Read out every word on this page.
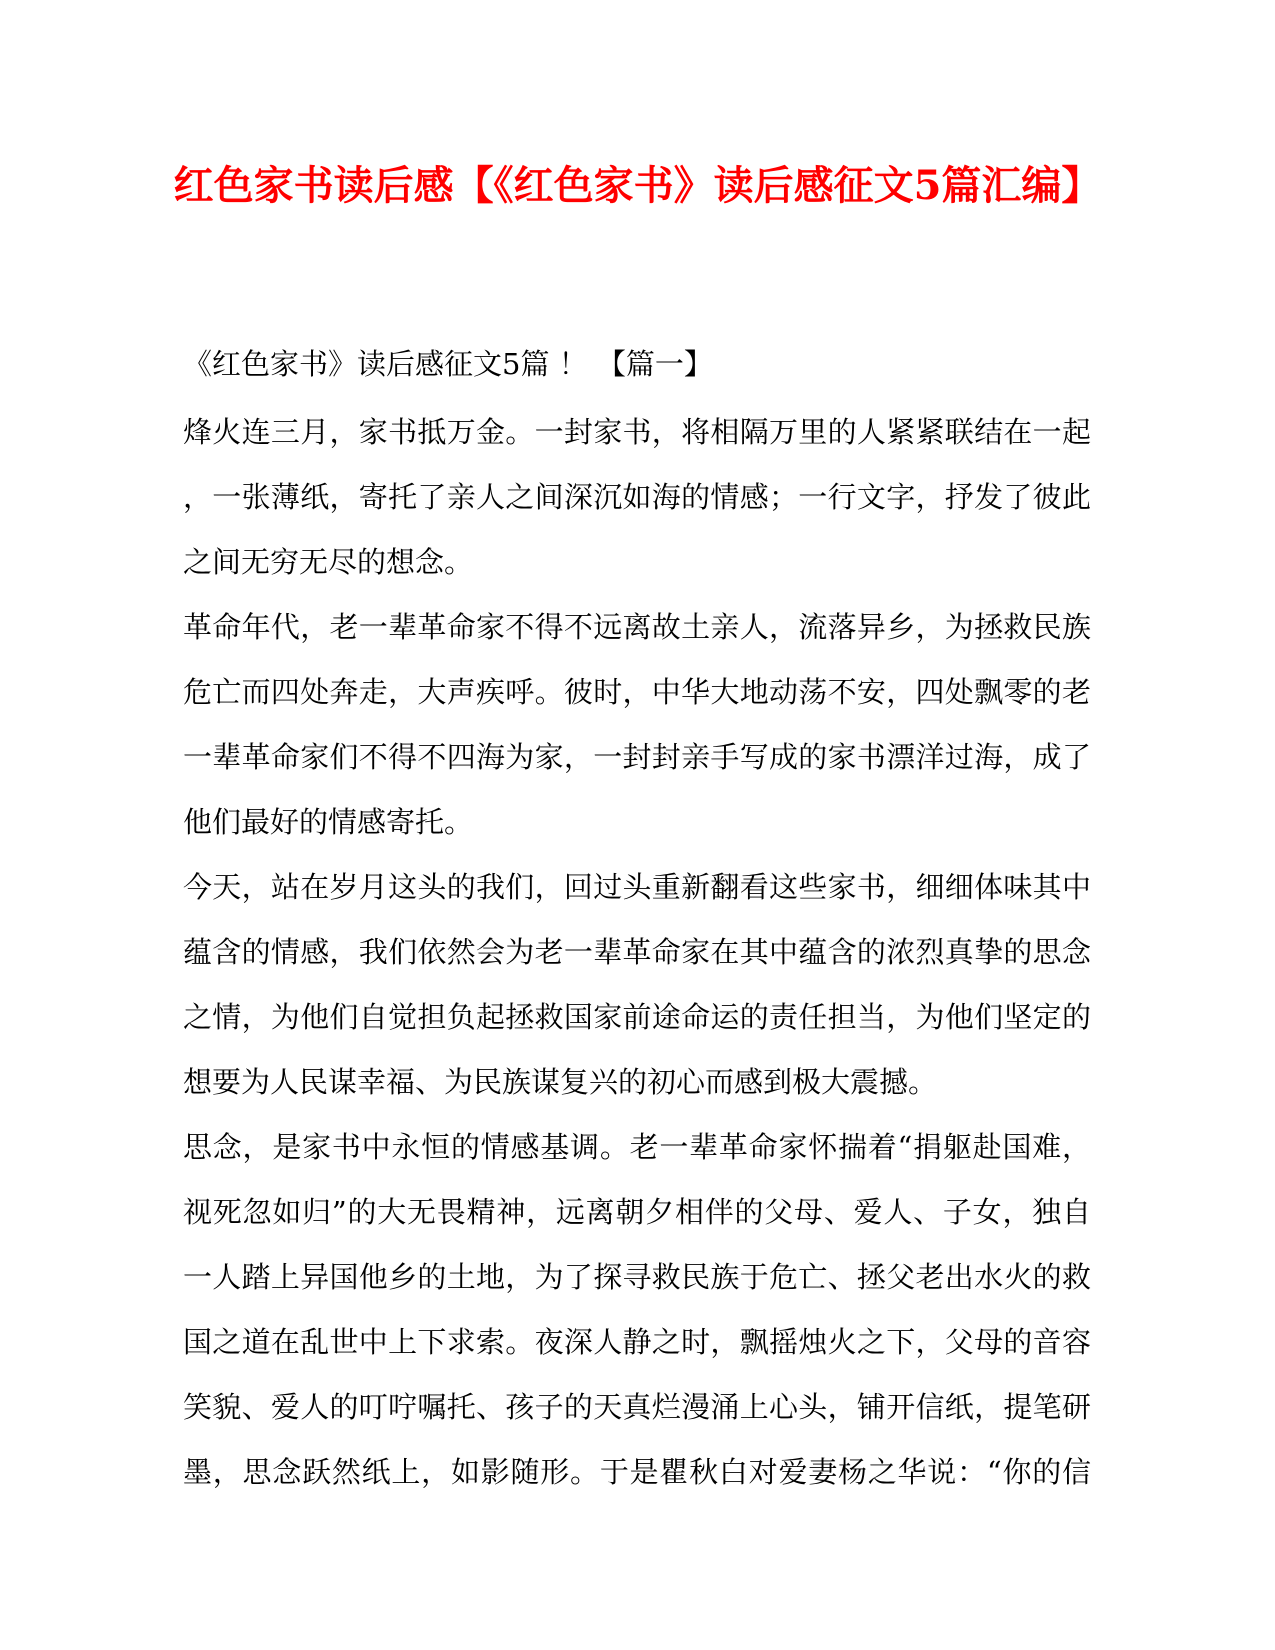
红色家书读后感【《红色家书》读后感征文5篇汇编】
《红色家书》读后感征文5篇 ！ 【篇一】
烽火连三月，家书抵万金。一封家书，将相隔万里的人紧紧联结在一起
，一张薄纸，寄托了亲人之间深沉如海的情感；一行文字，抒发了彼此
之间无穷无尽的想念。
革命年代，老一辈革命家不得不远离故土亲人，流落异乡，为拯救民族
危亡而四处奔走，大声疾呼。彼时，中华大地动荡不安，四处飘零的老
一辈革命家们不得不四海为家，一封封亲手写成的家书漂洋过海，成了
他们最好的情感寄托。
今天，站在岁月这头的我们，回过头重新翻看这些家书，细细体味其中
蕴含的情感，我们依然会为老一辈革命家在其中蕴含的浓烈真挚的思念
之情，为他们自觉担负起拯救国家前途命运的责任担当，为他们坚定的
想要为人民谋幸福、为民族谋复兴的初心而感到极大震撼。
思念，是家书中永恒的情感基调。老一辈革命家怀揣着“捐躯赴国难，
视死忽如归”的大无畏精神，远离朝夕相伴的父母、爱人、子女，独自
一人踏上异国他乡的土地，为了探寻救民族于危亡、拯父老出水火的救
国之道在乱世中上下求索。夜深人静之时，飘摇烛火之下，父母的音容
笑貌、爱人的叮咛嘱托、孩子的天真烂漫涌上心头，铺开信纸，提笔研
墨，思念跃然纸上，如影随形。于是瞿秋白对爱妻杨之华说：“你的信
